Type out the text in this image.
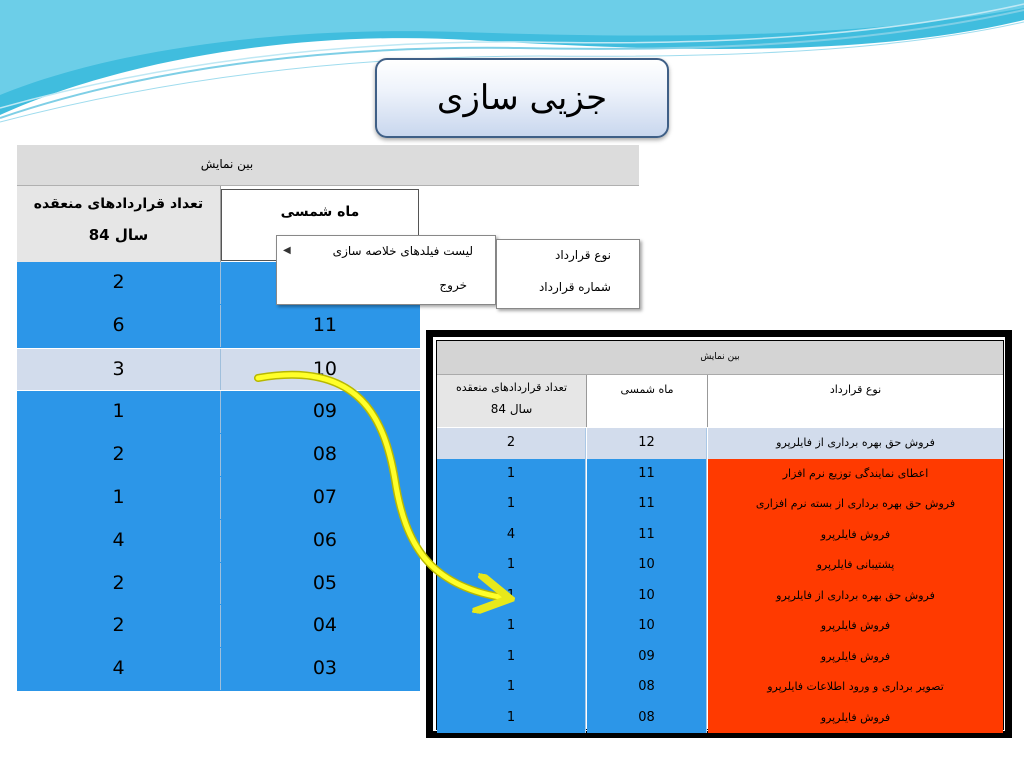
جزیی سازی
بین نمایش
تعداد قراردادهای منعقده
سال 84
ماه شمسی
2
6	11
3	10
1	09
2	08
1	07
4	06
2	05
2	04
4	03
لیست فیلدهای خلاصه سازی
◀
خروج
نوع قرارداد
شماره قرارداد
بین نمایش
تعداد قراردادهای منعقده
سال 84
ماه شمسی	نوع قرارداد
2	12	فروش حق بهره برداری از فایلرپرو
1	11	اعطای نمایندگی توزیع نرم افزار
1	11	فروش حق بهره برداری از بسته نرم افزاری
4	11	فروش فایلرپرو
1	10	پشتیبانی فایلرپرو
1	10	فروش حق بهره برداری از فایلرپرو
1	10	فروش فایلرپرو
1	09	فروش فایلرپرو
1	08	تصویر برداری و ورود اطلاعات فایلرپرو
1	08	فروش فایلرپرو
